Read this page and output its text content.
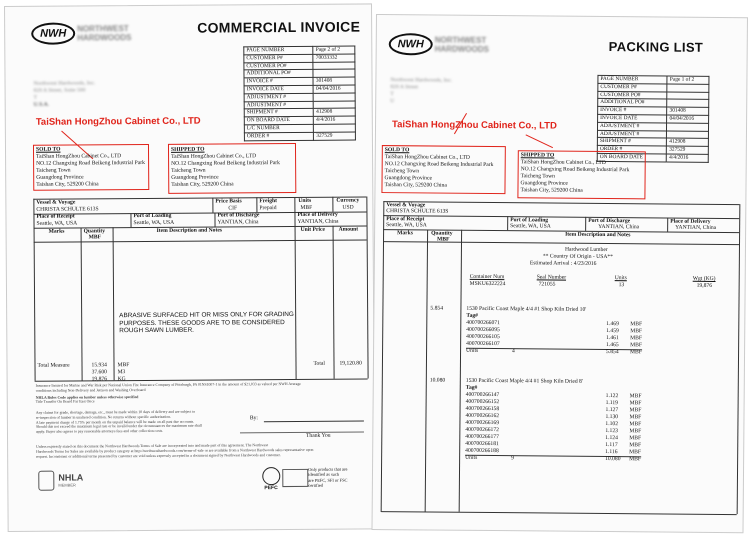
NWH	NORTHWEST
HARDWOODS
COMMERCIAL INVOICE
PAGE NUMBER	Page 2 of 2
CUSTOMER P#	70033332
CUSTOMER PO#	
ADDITIONAL PO#	
INVOICE #	301408
INVOICE DATE	04/04/2016
ADJUSTMENT #	
ADJUSTMENT #	
SHIPMENT #	412908
ON BOARD DATE	4/4/2016
L/C NUMBER	
ORDER #	327529
Northwest Hardwoods, Inc.
820 A Street, Suite 500
T
U.S.A.
TaiShan HongZhou Cabinet Co., LTD
SOLD TO
TaiShan HongZhou Cabinet Co., LTD
NO.12 Changxing Road Beikeng Industrial Park
Taicheng Town
Guangdong Province
Taishan City, 529200 China
SHIPPED TO
TaiShan HongZhou Cabinet Co., LTD
NO.12 Changxing Road Beikeng Industrial Park
Taicheng Town
Guangdong Province
Taishan City, 529200 China
Vessel & Voyage
CHRISTA SCHULTE 613S
Price Basis
CIF
Freight
Prepaid
Units
MBF
Currency
USD
Place of Receipt
Seattle, WA, USA
Port of Loading
Seattle, WA, USA
Port of Discharge
YANTIAN, China
Place of Delivery
YANTIAN, China
Marks	Quantity
MBF
Item Description and Notes	Unit Price Amount
ABRASIVE SURFACED HIT OR MISS ONLY FOR GRADING
PURPOSES. THESE GOODS ARE TO BE CONSIDERED
ROUGH SAWN LUMBER.
Total Measure	15.934 MBF
37.600 M3
19,876 KG
Total	19,120.80
Insurance Insured for Marine and War Risk per National Union Fire Insurance Company of Pittsburgh, PA 01NS1007-1 in the amount of $21,033 as valued per NWH Average
conditions including Non-Delivery and Jettison and Washing Overboard
NHLA Rules Code applies on lumber unless otherwise specified
Title Transfer On Board Far East Once
Any claims for grade, shortage, damage, etc., must be made within 10 days of delivery and are subject to
re-inspection of lumber in unaltered condition. No returns without specific authorization.
A late payment charge of 1.75% per month on the unpaid balance will be made on all past due accounts.
Should this not exceed the maximum legal rate or be invalid under the circumstances the maximum rate shall
apply. Buyer also agrees to pay reasonable attorneys fees and other collection costs.
By:
Thank You
Unless expressly stated on this document the Northwest Hardwoods Terms of Sale are incorporated into and made part of this agreement. The Northwest
Hardwoods Terms for Sales are available by product category at http://northwesthardwoods.com/terms-of-sale or are available from a Northwest Hardwoods sales representative upon
request. Inconsistent or additional terms presented by customer are void unless expressly accepted in a document signed by Northwest Hardwoods and customer.
NHLA
MEMBER
PEFC
Only products that are
identified as such
are PEFC, SFI or FSC
certified
NWH	NORTHWEST
HARDWOODS	PACKING LIST
PAGE NUMBER	Page 1 of 2
CUSTOMER P#	
CUSTOMER PO#	
ADDITIONAL PO#	
INVOICE #	301408
INVOICE DATE	04/04/2016
ADJUSTMENT #	
ADJUSTMENT #	
SHIPMENT #	412908
ORDER #	327529
ON BOARD DATE	4/4/2016
Northwest Hardwoods, Inc.
820 A Street
T
U
TaiShan HongZhou Cabinet Co., LTD
SOLD TO
TaiShan HongZhou Cabinet Co., LTD
NO.12 Changxing Road Beikeng Industrial Park
Taicheng Town
Guangdong Province
Taishan City, 529200 China
SHIPPED TO
TaiShan HongZhou Cabinet Co., LTD
NO.12 Changxing Road Beikeng Industrial Park
Taicheng Town
Guangdong Province
Taishan City, 529200 China
Vessel & Voyage
CHRISTA SCHULTE 613S
Place of Receipt
Seattle, WA, USA
Port of Loading
Seattle, WA, USA
Port of Discharge
YANTIAN, China
Place of Delivery
YANTIAN, China
Marks	Quantity
MBF
Item Description and Notes
Hardwood Lumber
** Country Of Origin - USA**
Estimated Arrival : 4/23/2016
Container Num	Seal Number	Units	Wgt (KG)
MSKU6322224	721055	13	19,876
5.854	1530 Pacific Coast Maple 4/4 #1 Shop Kiln Dried 10'
Tag#
400700266071	1.469 MBF
400700266095	1.459 MBF
400700266105	1.461 MBF
400700266107	1.465 MBF
Units	4	5.854 MBF
10.080	1530 Pacific Coast Maple 4/4 #1 Shop Kiln Dried 8'
Tag#
400700266147	1.122 MBF
400700266152	1.119 MBF
400700266158	1.127 MBF
400700266162	1.130 MBF
400700266169	1.102 MBF
400700266172	1.123 MBF
400700266177	1.124 MBF
400700266181	1.117 MBF
400700266188	1.116 MBF
Units	9	10.080 MBF
